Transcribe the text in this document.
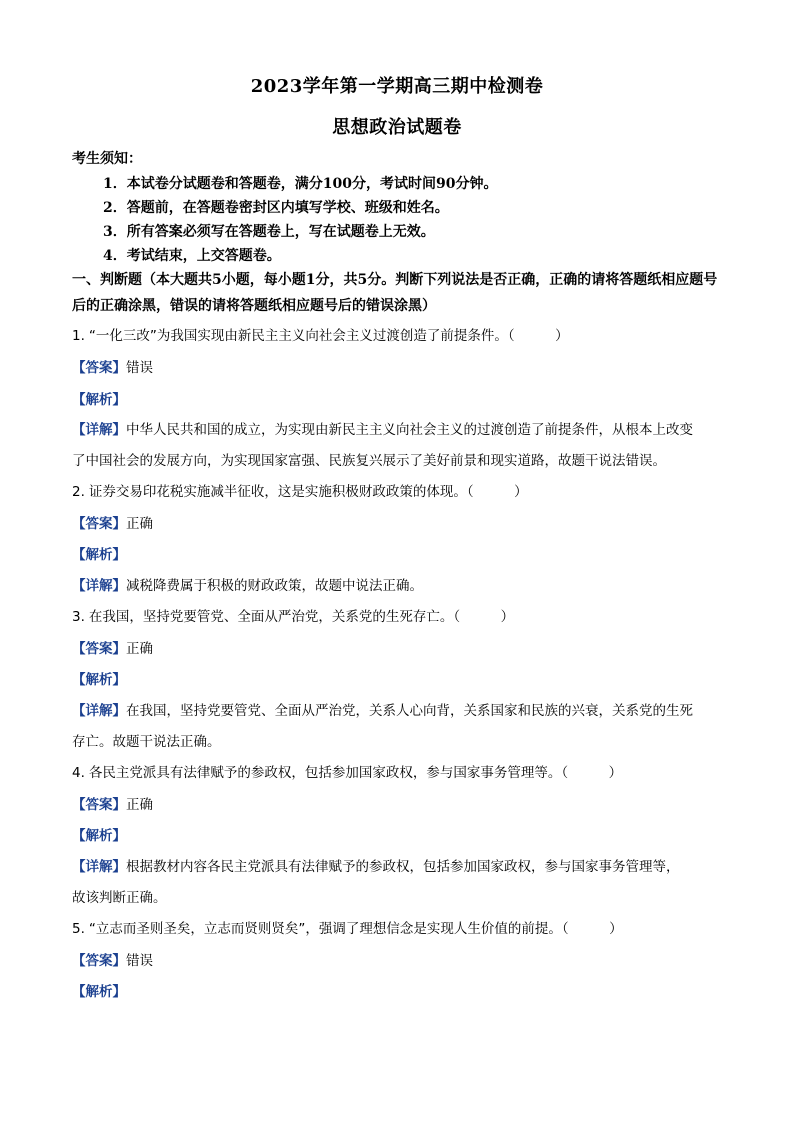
2023学年第一学期高三期中检测卷
思想政治试题卷
考生须知：
1．本试卷分试题卷和答题卷，满分100分，考试时间90分钟。
2．答题前，在答题卷密封区内填写学校、班级和姓名。
3．所有答案必须写在答题卷上，写在试题卷上无效。
4．考试结束，上交答题卷。
一、判断题（本大题共5小题，每小题1分，共5分。判断下列说法是否正确，正确的请将答题纸相应题号后的正确涂黑，错误的请将答题纸相应题号后的错误涂黑）
1. “一化三改”为我国实现由新民主主义向社会主义过渡创造了前提条件。（　　　）
【答案】错误
【解析】
【详解】中华人民共和国的成立，为实现由新民主主义向社会主义的过渡创造了前提条件，从根本上改变
了中国社会的发展方向，为实现国家富强、民族复兴展示了美好前景和现实道路，故题干说法错误。
2. 证券交易印花税实施减半征收，这是实施积极财政政策的体现。（　　　）
【答案】正确
【解析】
【详解】减税降费属于积极的财政政策，故题中说法正确。
3. 在我国，坚持党要管党、全面从严治党，关系党的生死存亡。（　　　）
【答案】正确
【解析】
【详解】在我国，坚持党要管党、全面从严治党，关系人心向背，关系国家和民族的兴衰，关系党的生死
存亡。故题干说法正确。
4. 各民主党派具有法律赋予的参政权，包括参加国家政权，参与国家事务管理等。（　　　）
【答案】正确
【解析】
【详解】根据教材内容各民主党派具有法律赋予的参政权，包括参加国家政权，参与国家事务管理等，
故该判断正确。
5. “立志而圣则圣矣，立志而贤则贤矣”，强调了理想信念是实现人生价值的前提。（　　　）
【答案】错误
【解析】
